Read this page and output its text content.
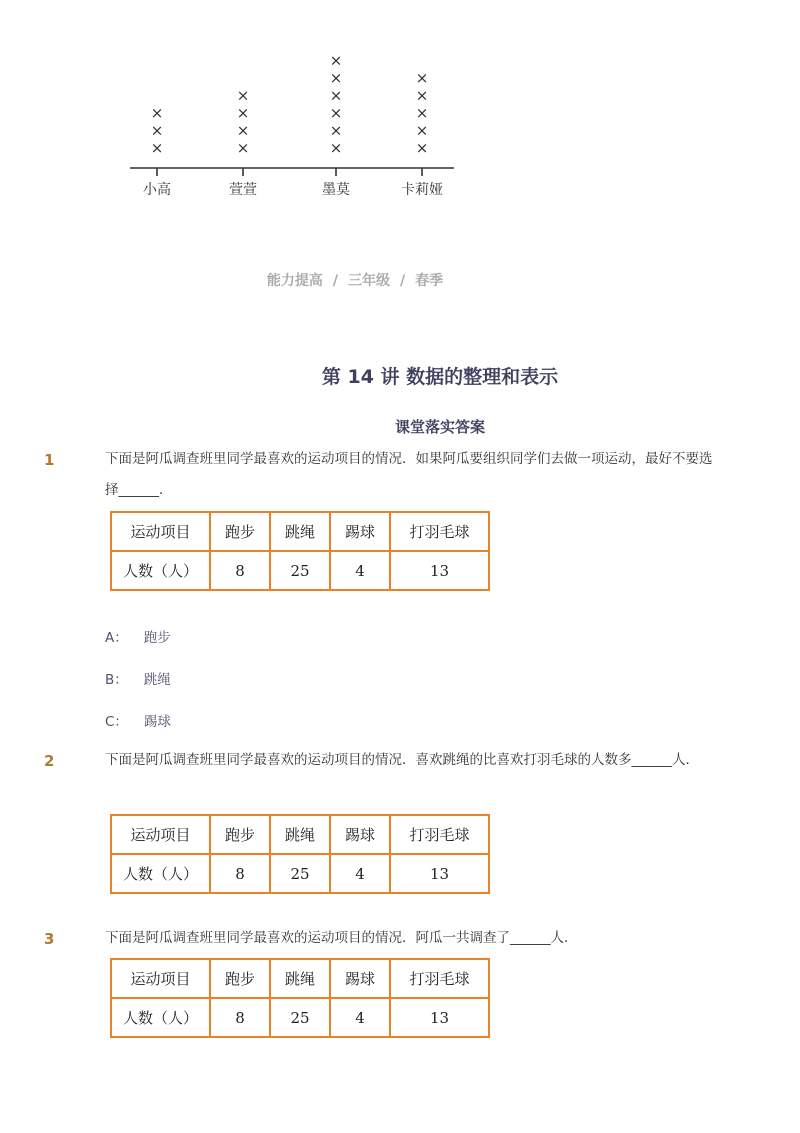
×
×
×
×
×
×
×
×
×
×
×
×
×
×
×
×
×
×
小高	萱萱	墨莫	卡莉娅
能力提高 / 三年级 / 春季
第 14 讲 数据的整理和表示
课堂落实答案
1	下面是阿瓜调查班里同学最喜欢的运动项目的情况．如果阿瓜要组织同学们去做一项运动，最好不要选择______．
运动项目	跑步	跳绳	踢球	打羽毛球
人数（人）	8	25	4	13
A： 跑步
B： 跳绳
C： 踢球
2	下面是阿瓜调查班里同学最喜欢的运动项目的情况．喜欢跳绳的比喜欢打羽毛球的人数多______人．
运动项目	跑步	跳绳	踢球	打羽毛球
人数（人）	8	25	4	13
3	下面是阿瓜调查班里同学最喜欢的运动项目的情况．阿瓜一共调查了______人．
运动项目	跑步	跳绳	踢球	打羽毛球
人数（人）	8	25	4	13
